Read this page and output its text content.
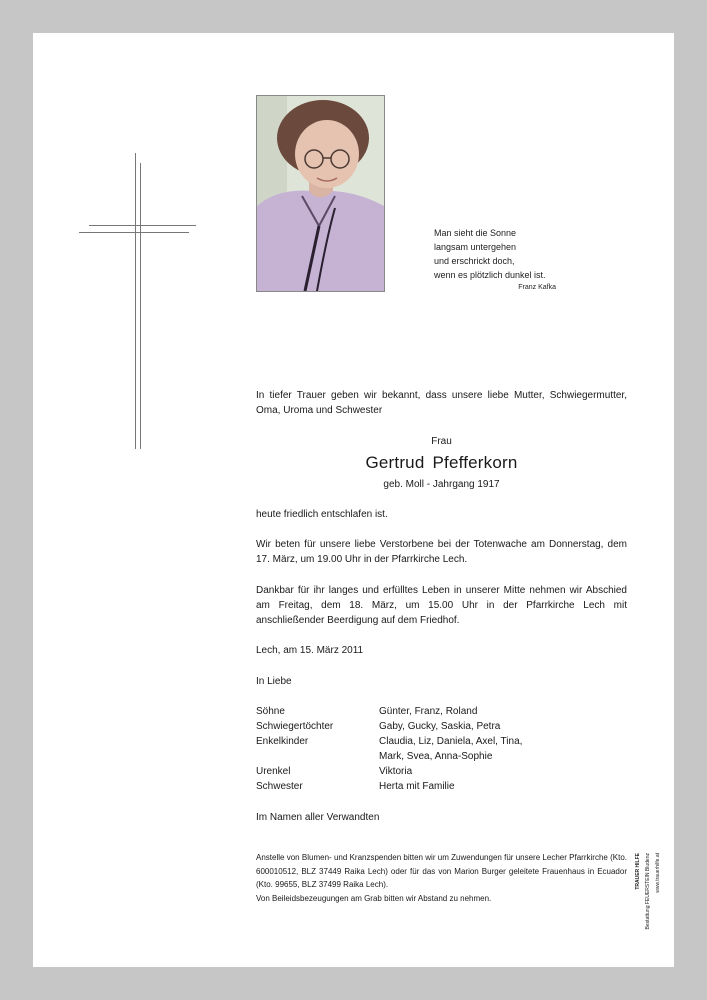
Man sieht die Sonne
langsam untergehen
und erschrickt doch,
wenn es plötzlich dunkel ist.
Franz Kafka
In tiefer Trauer geben wir bekannt, dass unsere liebe Mutter, Schwiegermutter, Oma, Uroma und Schwester
Frau
Gertrud Pfefferkorn
geb. Moll - Jahrgang 1917
heute friedlich entschlafen ist.
Wir beten für unsere liebe Verstorbene bei der Totenwache am Donnerstag, dem 17. März, um 19.00 Uhr in der Pfarrkirche Lech.
Dankbar für ihr langes und erfülltes Leben in unserer Mitte nehmen wir Abschied am Freitag, dem 18. März, um 15.00 Uhr in der Pfarrkirche Lech mit anschließender Beerdigung auf dem Friedhof.
Lech, am 15. März 2011
In Liebe
Söhne	Günter, Franz, Roland
Schwiegertöchter	Gaby, Gucky, Saskia, Petra
Enkelkinder	Claudia, Liz, Daniela, Axel, Tina,
Mark, Svea, Anna-Sophie
Urenkel	Viktoria
Schwester	Herta mit Familie
Im Namen aller Verwandten
Anstelle von Blumen- und Kranzspenden bitten wir um Zuwendungen für unsere Lecher Pfarrkirche (Kto. 600010512, BLZ 37449 Raika Lech) oder für das von Marion Burger geleitete Frauenhaus in Ecuador (Kto. 99655, BLZ 37499 Raika Lech).
Von Beileidsbezeugungen am Grab bitten wir Abstand zu nehmen.
TRAUER HILFE Bestattung FEUERSTEIN Bludenz www.trauerhilfe.at
